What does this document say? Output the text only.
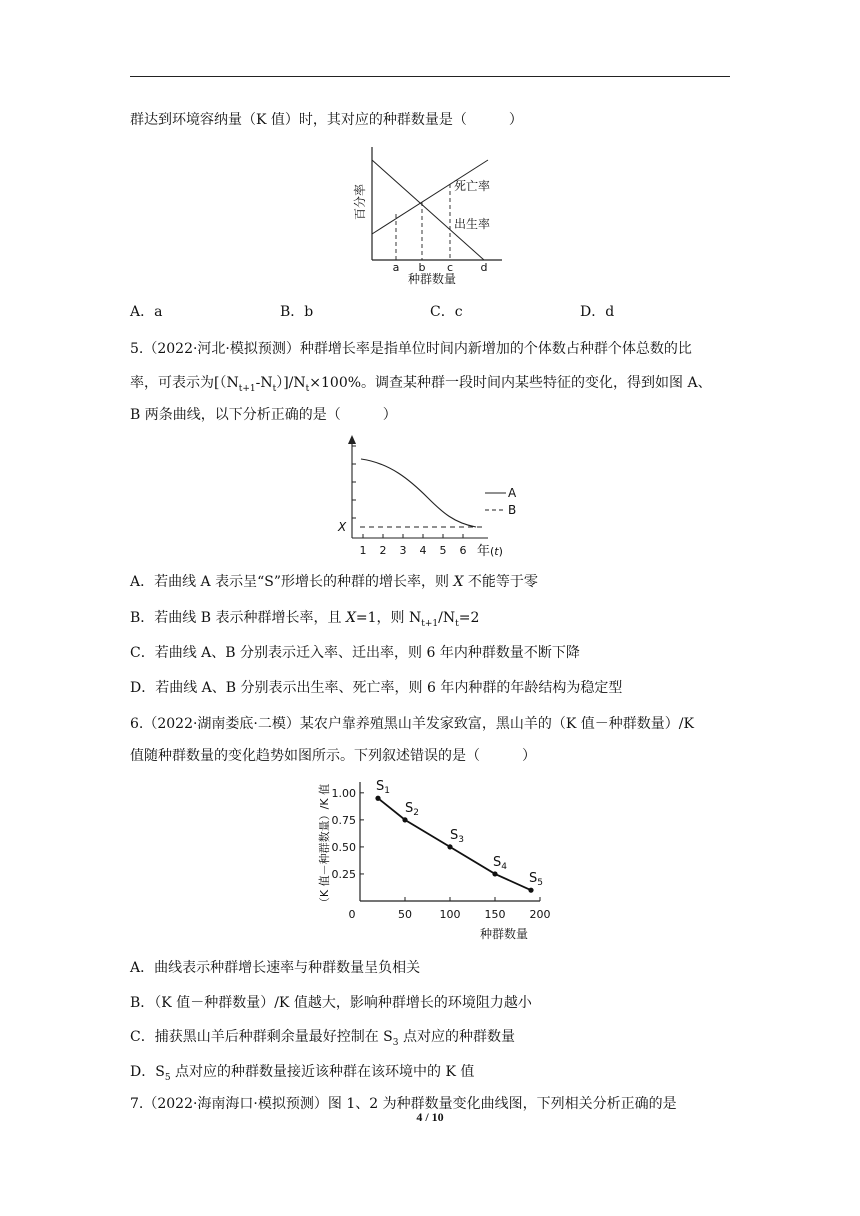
群达到环境容纳量（K 值）时，其对应的种群数量是（　　　）
百分率	死亡率
出生率
a b c d
种群数量
A．a	B．b	C．c	D．d
5.（2022·河北·模拟预测）种群增长率是指单位时间内新增加的个体数占种群个体总数的比
率，可表示为$[(N_{t+1}-N_t)]/N_t\times 100\%$。调查某种群一段时间内某些特征的变化，得到如图 A、
B 两条曲线，以下分析正确的是（　　　）
X
A
B
1 2 3 4 5 6 年 (t)
A．若曲线 A 表示呈“S”形增长的种群的增长率，则 X 不能等于零
B．若曲线 B 表示种群增长率，且 X=1，则 $N_{t+1}/N_t=2$
C．若曲线 A、B 分别表示迁入率、迁出率，则 6 年内种群数量不断下降
D．若曲线 A、B 分别表示出生率、死亡率，则 6 年内种群的年龄结构为稳定型
6.（2022·湖南娄底·二模）某农户靠养殖黑山羊发家致富，黑山羊的（K 值－种群数量）/K
值随种群数量的变化趋势如图所示。下列叙述错误的是（　　　）
（K 值－种群数量）/K 值 1.00
0.75
0.50
0.25
0	50	100 150 200
$S_1$
$S_2$
$S_3$
$S_4$
$S_5$
种群数量
A．曲线表示种群增长速率与种群数量呈负相关
B．（K 值－种群数量）/K 值越大，影响种群增长的环境阻力越小
C．捕获黑山羊后种群剩余量最好控制在 $S_3$ 点对应的种群数量
D．$S_5$ 点对应的种群数量接近该种群在该环境中的 K 值
7.（2022·海南海口·模拟预测）图 1、2 为种群数量变化曲线图，下列相关分析正确的是
4 / 10
